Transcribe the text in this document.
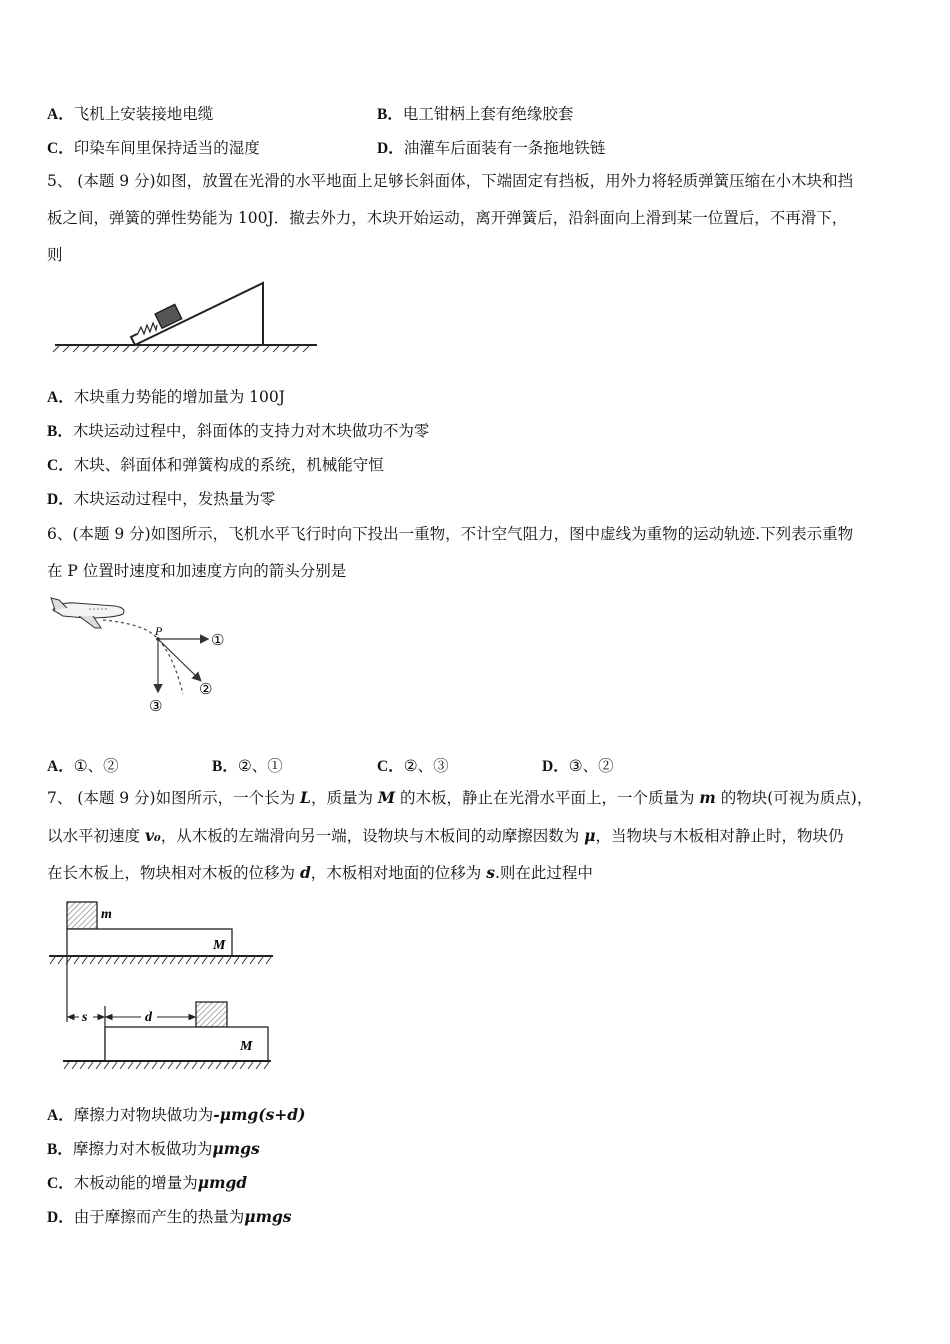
A．飞机上安装接地电缆	B．电工钳柄上套有绝缘胶套
C．印染车间里保持适当的湿度	D．油灌车后面装有一条拖地铁链
5、 (本题 9 分)如图，放置在光滑的水平地面上足够长斜面体，下端固定有挡板，用外力将轻质弹簧压缩在小木块和挡
板之间，弹簧的弹性势能为 100J．撤去外力，木块开始运动，离开弹簧后，沿斜面向上滑到某一位置后，不再滑下，
则
A．木块重力势能的增加量为 100J
B．木块运动过程中，斜面体的支持力对木块做功不为零
C．木块、斜面体和弹簧构成的系统，机械能守恒
D．木块运动过程中，发热量为零
6、(本题 9 分)如图所示，飞机水平飞行时向下投出一重物，不计空气阻力，图中虚线为重物的运动轨迹.下列表示重物
在 P 位置时速度和加速度方向的箭头分别是
P	①
②
③
A．①、②	B．②、①	C．②、③	D．③、②
7、 (本题 9 分)如图所示，一个长为 L，质量为 M 的木板，静止在光滑水平面上，一个质量为 m 的物块(可视为质点)，
以水平初速度 v₀，从木板的左端滑向另一端，设物块与木板间的动摩擦因数为 μ，当物块与木板相对静止时，物块仍
在长木板上，物块相对木板的位移为 d，木板相对地面的位移为 s.则在此过程中
m
M
s	d
M
A．摩擦力对物块做功为-μmg(s+d)
B．摩擦力对木板做功为μmgs
C．木板动能的增量为μmgd
D．由于摩擦而产生的热量为μmgs
